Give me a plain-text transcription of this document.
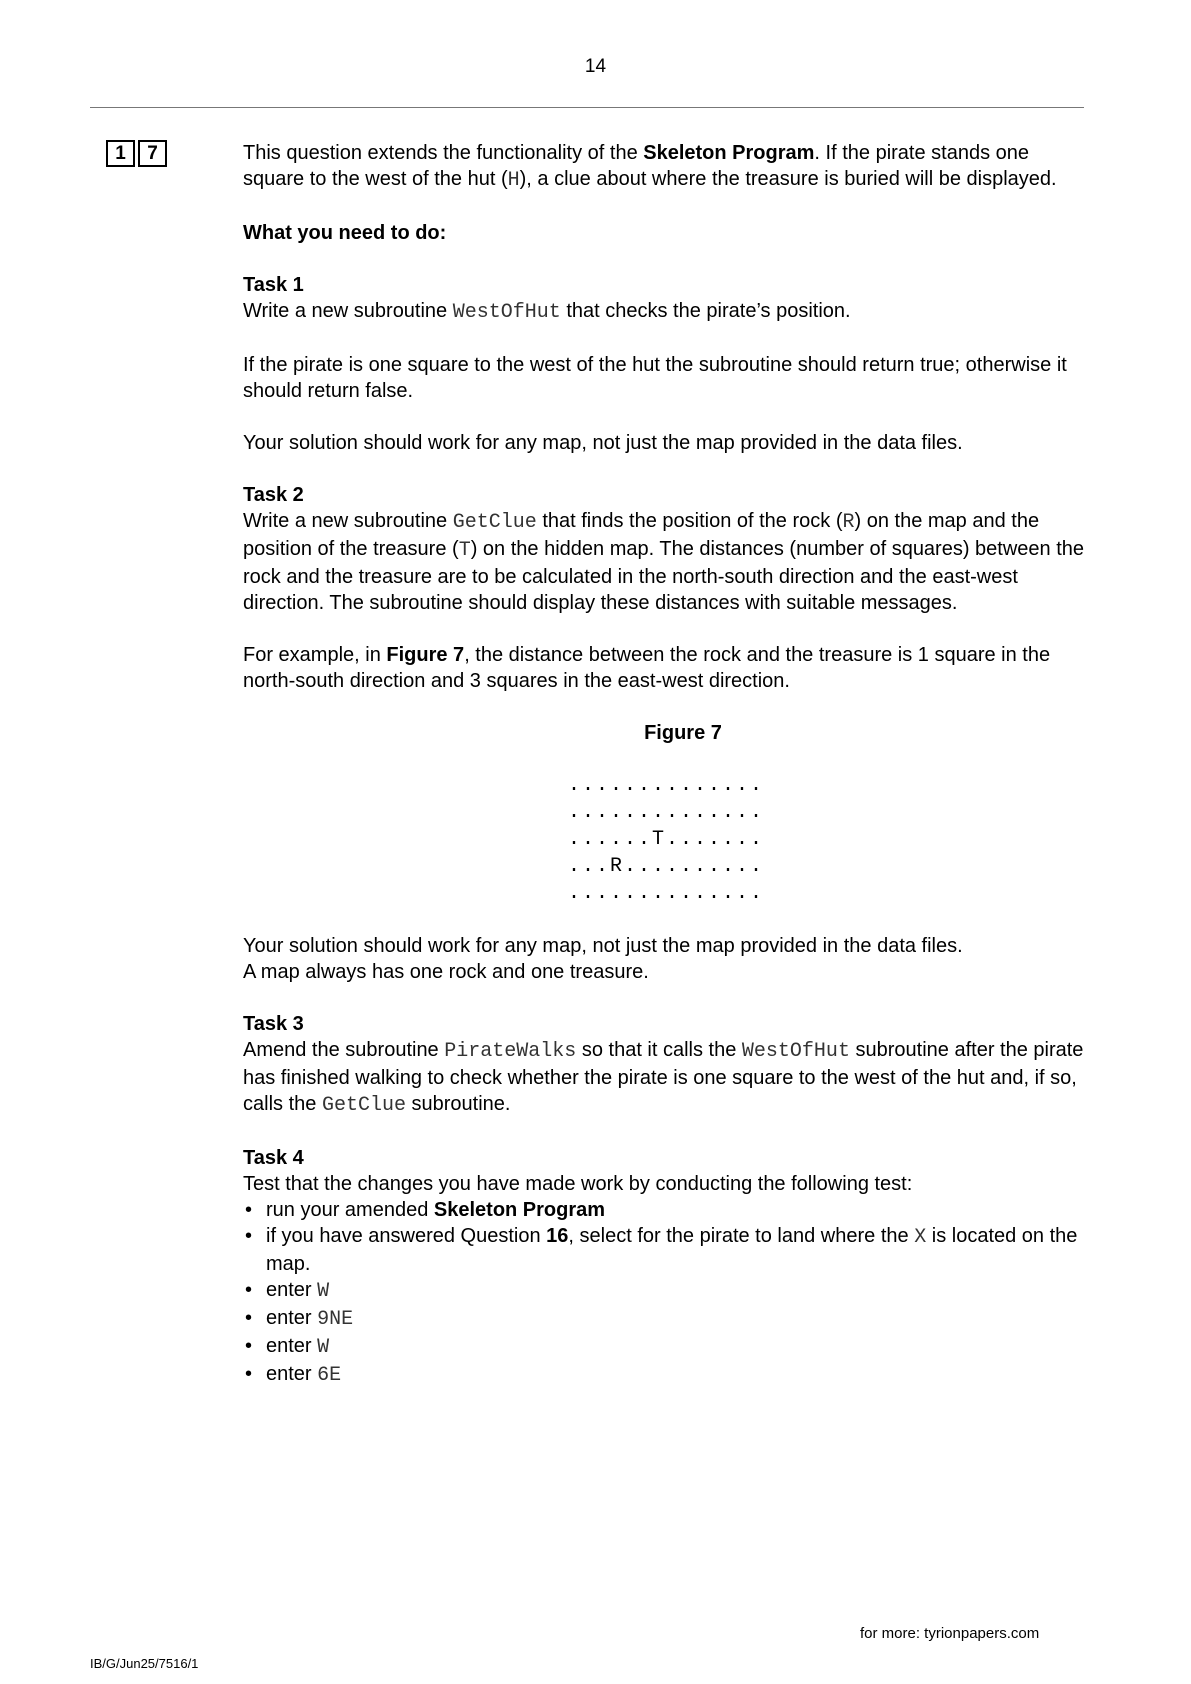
14
1	7	This question extends the functionality of the Skeleton Program. If the pirate stands one square to the west of the hut (H), a clue about where the treasure is buried will be displayed.

What you need to do:

Task 1

Write a new subroutine WestOfHut that checks the pirate’s position.

If the pirate is one square to the west of the hut the subroutine should return true; otherwise it should return false.

Your solution should work for any map, not just the map provided in the data files.

Task 2

Write a new subroutine GetClue that finds the position of the rock (R) on the map and the position of the treasure (T) on the hidden map. The distances (number of squares) between the rock and the treasure are to be calculated in the north-south direction and the east-west direction. The subroutine should display these distances with suitable messages.

For example, in Figure 7, the distance between the rock and the treasure is 1 square in the north-south direction and 3 squares in the east-west direction.

Figure 7

..............
..............
......T.......
...R..........
..............

Your solution should work for any map, not just the map provided in the data files.
A map always has one rock and one treasure.

Task 3

Amend the subroutine PirateWalks so that it calls the WestOfHut subroutine after the pirate has finished walking to check whether the pirate is one square to the west of the hut and, if so, calls the GetClue subroutine.

Task 4

Test that the changes you have made work by conducting the following test:
• run your amended Skeleton Program
• if you have answered Question 16, select for the pirate to land where the X is located on the map.
• enter W
• enter 9NE
• enter W
• enter 6E
for more: tyrionpapers.com
IB/G/Jun25/7516/1
